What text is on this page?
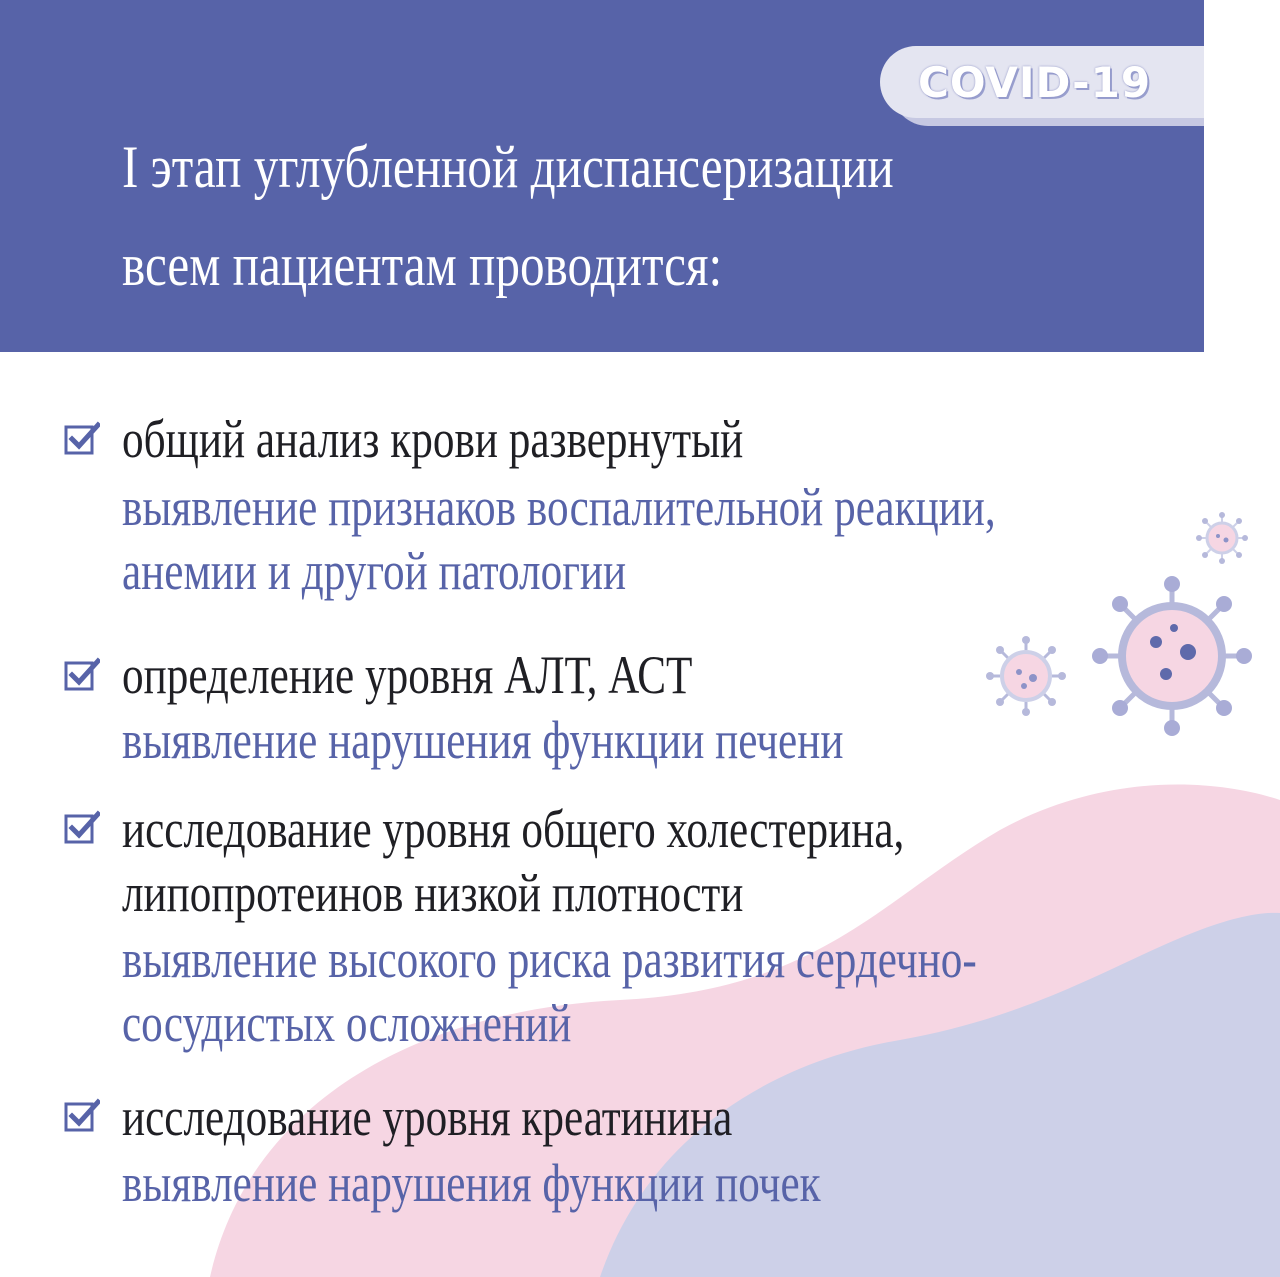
COVID-19
I этап углубленной диспансеризации
всем пациентам проводится:
общий анализ крови развернутый
выявление признаков воспалительной реакции,
анемии и другой патологии
определение уровня АЛТ, АСТ
выявление нарушения функции печени
исследование уровня общего холестерина,
липопротеинов низкой плотности
выявление высокого риска развития сердечно-
сосудистых осложнений
исследование уровня креатинина
выявление нарушения функции почек
